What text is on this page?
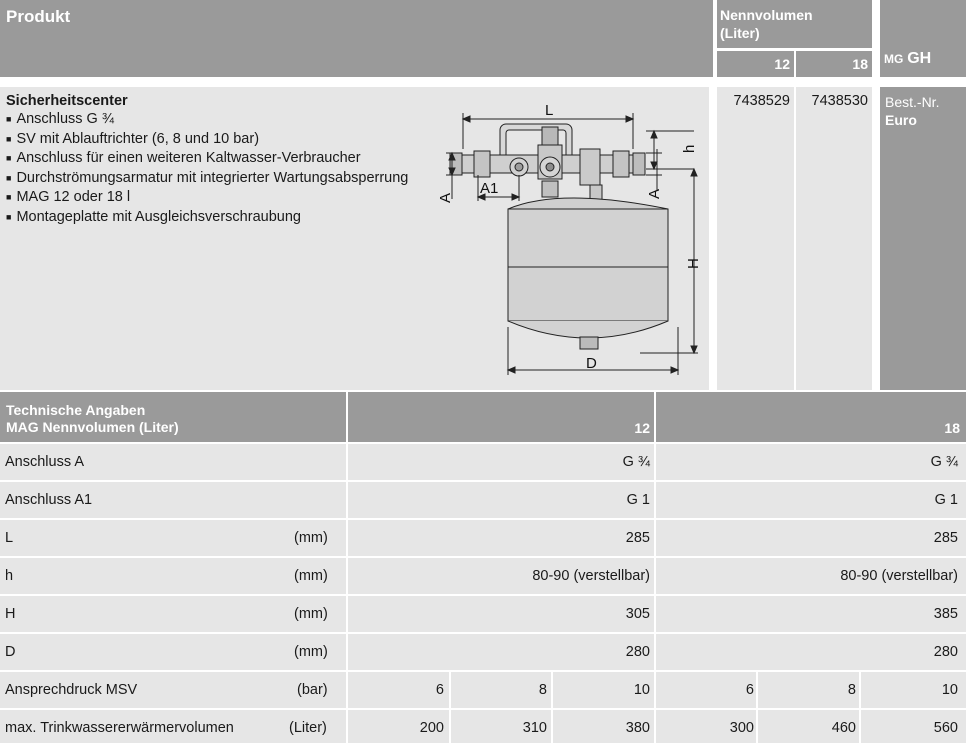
Produkt	Nennvolumen
(Liter)
12	18	MG GH
Sicherheitscenter
■ Anschluss G ¾
■ SV mit Ablauftrichter (6, 8 und 10 bar)
■ Anschluss für einen weiteren Kaltwasser-Verbraucher
■ Durchströmungsarmatur mit integrierter Wartungsabsperrung
■ MAG 12 oder 18 l
■ Montageplatte mit Ausgleichsverschraubung
L
h
A
A1	A
H
D
7438529 7438530 Best.-Nr.
Euro
Technische Angaben
MAG Nennvolumen (Liter)	12	18
Anschluss A	G ¾	G ¾
Anschluss A1	G 1	G 1
L	(mm)	285	285
h	(mm)	80-90 (verstellbar)	80-90 (verstellbar)
H	(mm)	305	385
D	(mm)	280	280
Ansprechdruck MSV	(bar)	6	8	10	6	8	10
max. Trinkwassererwärmervolumen	(Liter)	200	310	380	300	460	560
